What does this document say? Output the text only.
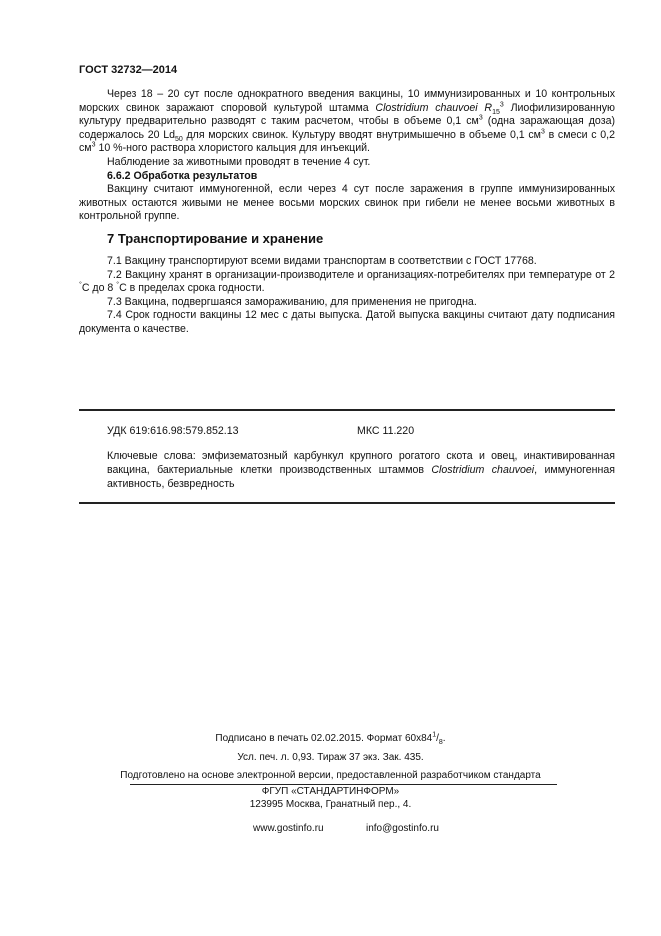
ГОСТ 32732—2014

Через 18 – 20 сут после однократного введения вакцины, 10 иммунизированных и 10 контрольных морских свинок заражают споровой культурой штамма Clostridium chauvoei $R_{15}^3$ Лиофилизированную культуру предварительно разводят с таким расчетом, чтобы в объеме 0,1 $см^3$ (одна заражающая доза) содержалось 20 $Ld_{50}$ для морских свинок. Культуру вводят внутримышечно в объеме 0,1 $см^3$ в смеси с 0,2 $см^3$ 10 %-ного раствора хлористого кальция для инъекций.

Наблюдение за животными проводят в течение 4 сут.

6.6.2 Обработка результатов

Вакцину считают иммуногенной, если через 4 сут после заражения в группе иммунизированных животных остаются живыми не менее восьми морских свинок при гибели не менее восьми животных в контрольной группе.

7 Транспортирование и хранение

7.1 Вакцину транспортируют всеми видами транспортам в соответствии с ГОСТ 17768.

7.2 Вакцину хранят в организации-производителе и организациях-потребителях при температуре от 2 °С до 8 °С в пределах срока годности.

7.3 Вакцина, подвергшаяся замораживанию, для применения не пригодна.

7.4 Срок годности вакцины 12 мес с даты выпуска. Датой выпуска вакцины считают дату подписания документа о качестве.

УДК 619:616.98:579.852.13	МКС 11.220
Ключевые слова: эмфизематозный карбункул крупного рогатого скота и овец, инактивированная вакцина, бактериальные клетки производственных штаммов Clostridium chauvoei, иммуногенная активность, безвредность
Подписано в печать 02.02.2015. Формат $60x84^1/_8$.
Усл. печ. л. 0,93. Тираж 37 экз. Зак. 435.
Подготовлено на основе электронной версии, предоставленной разработчиком стандарта
ФГУП «СТАНДАРТИНФОРМ»
123995 Москва, Гранатный пер., 4.
www.gostinfo.ru	info@gostinfo.ru
